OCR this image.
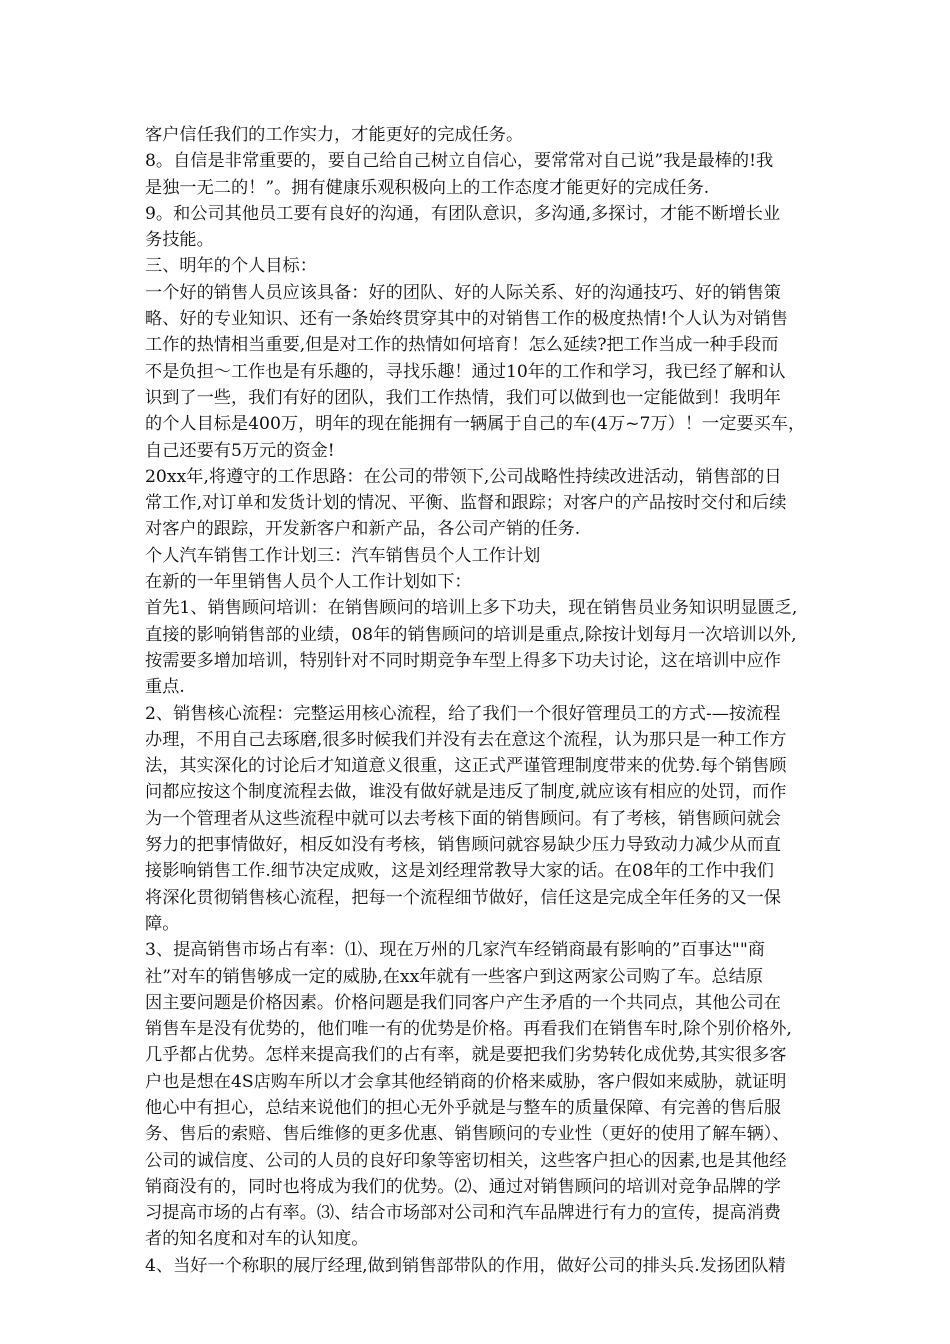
客户信任我们的工作实力，才能更好的完成任务。
8。自信是非常重要的，要自己给自己树立自信心，要常常对自己说”我是最棒的!我
是独一无二的！”。拥有健康乐观积极向上的工作态度才能更好的完成任务.
9。和公司其他员工要有良好的沟通，有团队意识，多沟通,多探讨，才能不断增长业
务技能。
三、明年的个人目标：
一个好的销售人员应该具备：好的团队、好的人际关系、好的沟通技巧、好的销售策
略、好的专业知识、还有一条始终贯穿其中的对销售工作的极度热情!个人认为对销售
工作的热情相当重要,但是对工作的热情如何培育！怎么延续?把工作当成一种手段而
不是负担～工作也是有乐趣的，寻找乐趣！通过10年的工作和学习，我已经了解和认
识到了一些，我们有好的团队，我们工作热情，我们可以做到也一定能做到！我明年
的个人目标是400万，明年的现在能拥有一辆属于自己的车(4万~7万）！一定要买车，
自己还要有5万元的资金!
20xx年,将遵守的工作思路：在公司的带领下,公司战略性持续改进活动，销售部的日
常工作,对订单和发货计划的情况、平衡、监督和跟踪；对客户的产品按时交付和后续
对客户的跟踪，开发新客户和新产品，各公司产销的任务.
个人汽车销售工作计划三：汽车销售员个人工作计划
在新的一年里销售人员个人工作计划如下：
首先1、销售顾问培训：在销售顾问的培训上多下功夫，现在销售员业务知识明显匮乏,
直接的影响销售部的业绩，08年的销售顾问的培训是重点,除按计划每月一次培训以外,
按需要多增加培训，特别针对不同时期竞争车型上得多下功夫讨论，这在培训中应作
重点.
2、销售核心流程：完整运用核心流程，给了我们一个很好管理员工的方式-—按流程
办理，不用自己去琢磨,很多时候我们并没有去在意这个流程，认为那只是一种工作方
法，其实深化的讨论后才知道意义很重，这正式严谨管理制度带来的优势.每个销售顾
问都应按这个制度流程去做，谁没有做好就是违反了制度,就应该有相应的处罚，而作
为一个管理者从这些流程中就可以去考核下面的销售顾问。有了考核，销售顾问就会
努力的把事情做好，相反如没有考核，销售顾问就容易缺少压力导致动力减少从而直
接影响销售工作.细节决定成败，这是刘经理常教导大家的话。在08年的工作中我们
将深化贯彻销售核心流程，把每一个流程细节做好，信任这是完成全年任务的又一保
障。
3、提高销售市场占有率：⑴、现在万州的几家汽车经销商最有影响的”百事达""商
社”对车的销售够成一定的威胁,在xx年就有一些客户到这两家公司购了车。总结原
因主要问题是价格因素。价格问题是我们同客户产生矛盾的一个共同点，其他公司在
销售车是没有优势的，他们唯一有的优势是价格。再看我们在销售车时,除个别价格外,
几乎都占优势。怎样来提高我们的占有率，就是要把我们劣势转化成优势,其实很多客
户也是想在4S店购车所以才会拿其他经销商的价格来威胁，客户假如来威胁，就证明
他心中有担心，总结来说他们的担心无外乎就是与整车的质量保障、有完善的售后服
务、售后的索赔、售后维修的更多优惠、销售顾问的专业性（更好的使用了解车辆）、
公司的诚信度、公司的人员的良好印象等密切相关，这些客户担心的因素,也是其他经
销商没有的，同时也将成为我们的优势。⑵、通过对销售顾问的培训对竞争品牌的学
习提高市场的占有率。⑶、结合市场部对公司和汽车品牌进行有力的宣传，提高消费
者的知名度和对车的认知度。
4、当好一个称职的展厅经理,做到销售部带队的作用，做好公司的排头兵.发扬团队精
